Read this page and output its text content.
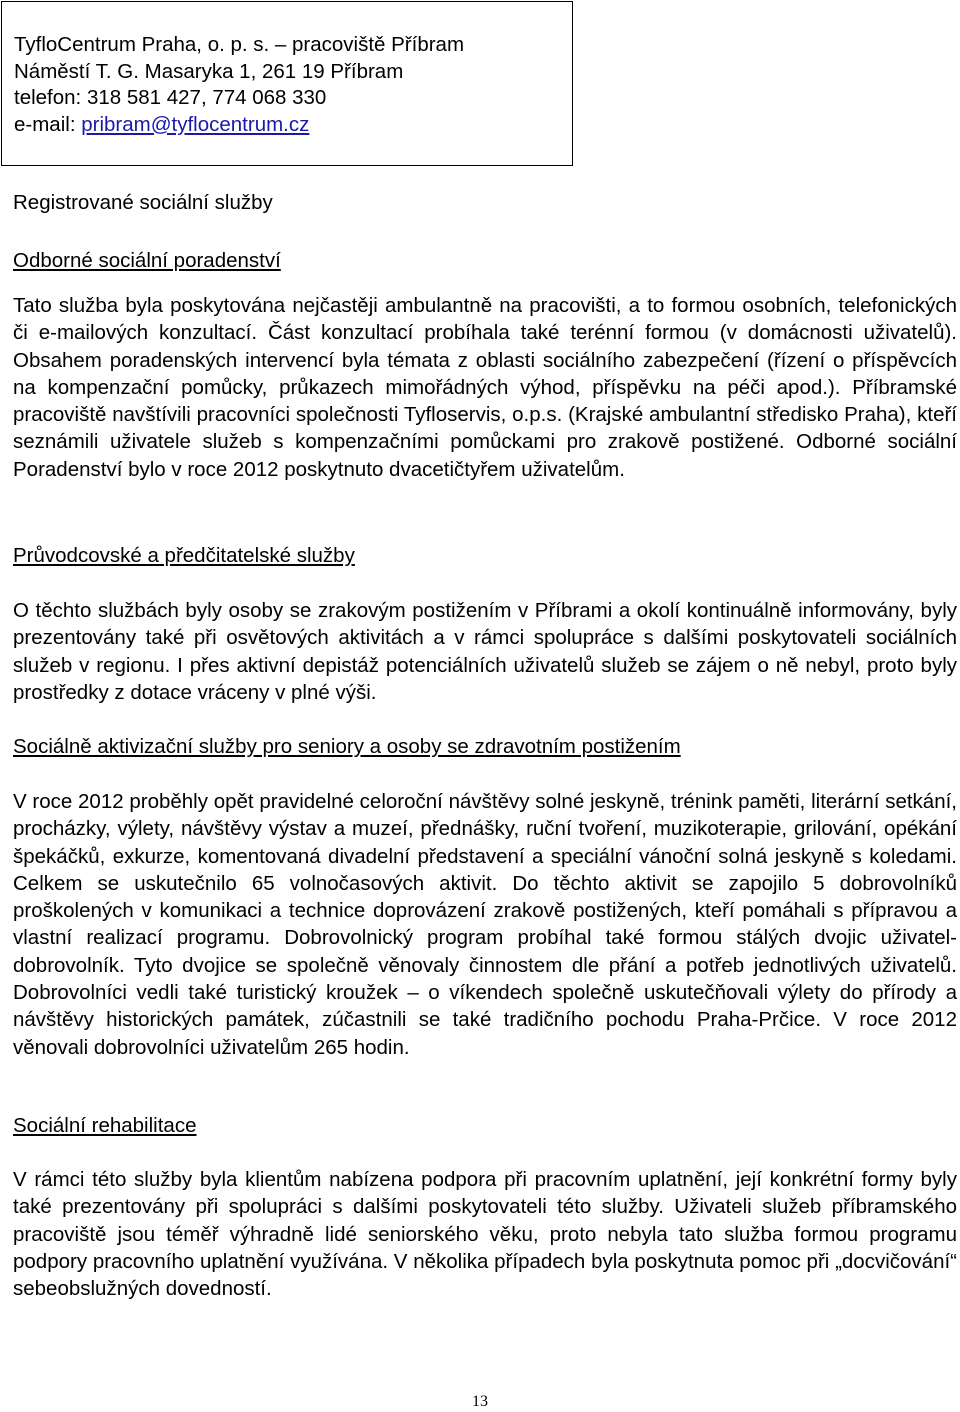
TyfloCentrum Praha, o. p. s. – pracoviště Příbram
Náměstí T. G. Masaryka 1, 261 19 Příbram
telefon: 318 581 427, 774 068 330
e-mail: pribram@tyflocentrum.cz
Registrované sociální služby
Odborné sociální poradenství
Tato služba byla poskytována nejčastěji ambulantně na pracovišti, a to formou osobních, telefonických či e-mailových konzultací. Část konzultací probíhala také terénní formou (v domácnosti uživatelů). Obsahem poradenských intervencí byla témata z oblasti sociálního zabezpečení (řízení o příspěvcích na kompenzační pomůcky, průkazech mimořádných výhod, příspěvku na péči apod.). Příbramské pracoviště navštívili pracovníci společnosti Tyfloservis, o.p.s. (Krajské ambulantní středisko Praha), kteří seznámili uživatele služeb s kompenzačními pomůckami pro zrakově postižené. Odborné sociální Poradenství bylo v roce 2012 poskytnuto dvacetičtyřem uživatelům.
Průvodcovské a předčitatelské služby
O těchto službách byly osoby se zrakovým postižením v Příbrami a okolí kontinuálně informovány, byly prezentovány také při osvětových aktivitách a v rámci spolupráce s dalšími poskytovateli sociálních služeb v regionu. I přes aktivní depistáž potenciálních uživatelů služeb se zájem o ně nebyl, proto byly prostředky z dotace vráceny v plné výši.
Sociálně aktivizační služby pro seniory a osoby se zdravotním postižením
V roce 2012 proběhly opět pravidelné celoroční návštěvy solné jeskyně, trénink paměti, literární setkání, procházky, výlety, návštěvy výstav a muzeí, přednášky, ruční tvoření, muzikoterapie, grilování, opékání špekáčků, exkurze, komentovaná divadelní představení a speciální vánoční solná jeskyně s koledami. Celkem se uskutečnilo 65 volnočasových aktivit. Do těchto aktivit se zapojilo 5 dobrovolníků proškolených v komunikaci a technice doprovázení zrakově postižených, kteří pomáhali s přípravou a vlastní realizací programu. Dobrovolnický program probíhal také formou stálých dvojic uživatel-dobrovolník. Tyto dvojice se společně věnovaly činnostem dle přání a potřeb jednotlivých uživatelů. Dobrovolníci vedli také turistický kroužek – o víkendech společně uskutečňovali výlety do přírody a návštěvy historických památek, zúčastnili se také tradičního pochodu Praha-Prčice. V roce 2012 věnovali dobrovolníci uživatelům 265 hodin.
Sociální rehabilitace
V rámci této služby byla klientům nabízena podpora při pracovním uplatnění, její konkrétní formy byly také prezentovány při spolupráci s dalšími poskytovateli této služby. Uživateli služeb příbramského pracoviště jsou téměř výhradně lidé seniorského věku, proto nebyla tato služba formou programu podpory pracovního uplatnění využívána. V několika případech byla poskytnuta pomoc při „docvičování“ sebeobslužných dovedností.
13
